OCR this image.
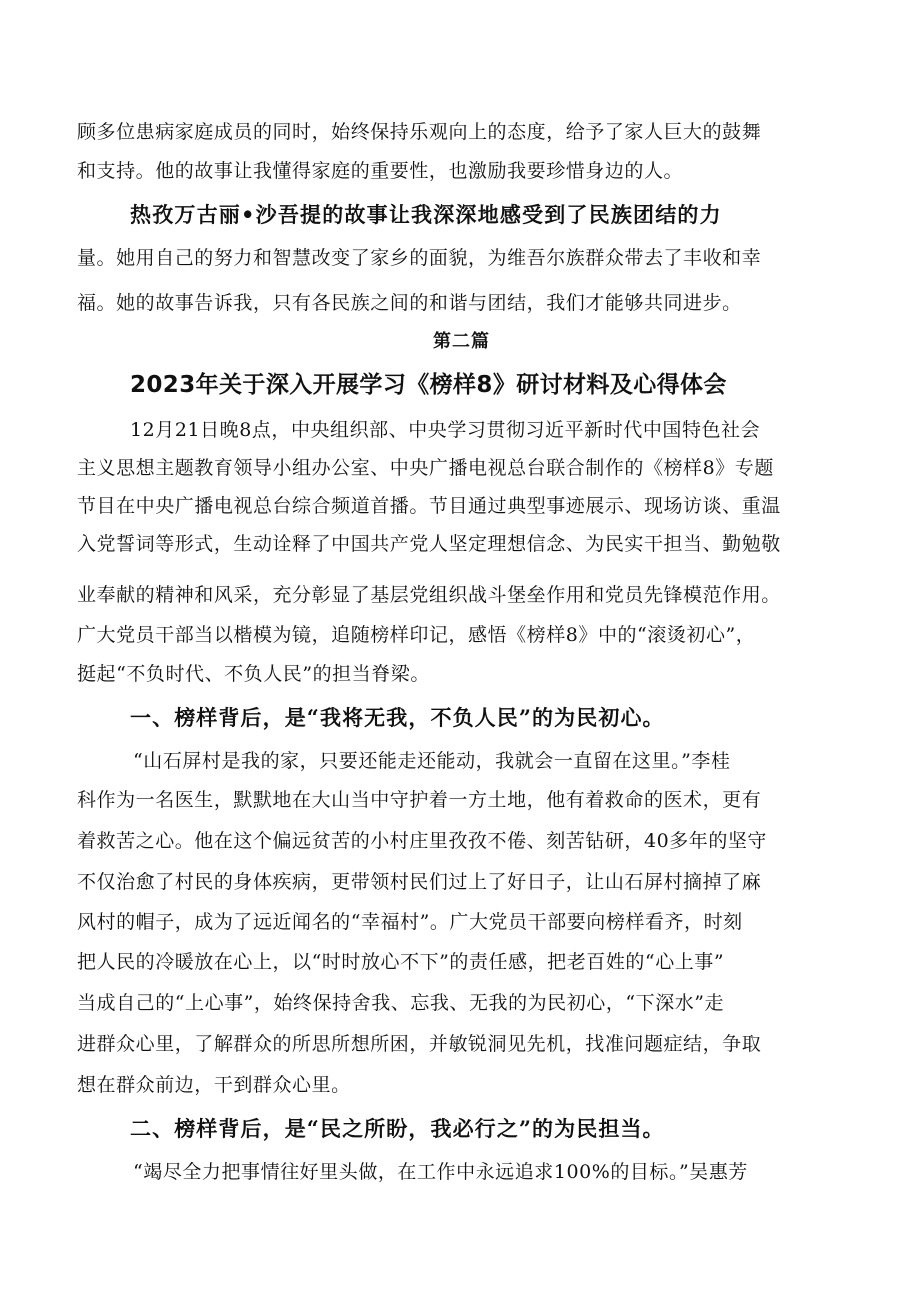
顾多位患病家庭成员的同时，始终保持乐观向上的态度，给予了家人巨大的鼓舞
和支持。他的故事让我懂得家庭的重要性，也激励我要珍惜身边的人。
热孜万古丽•沙吾提的故事让我深深地感受到了民族团结的力
量。她用自己的努力和智慧改变了家乡的面貌，为维吾尔族群众带去了丰收和幸
福。她的故事告诉我，只有各民族之间的和谐与团结，我们才能够共同进步。
第二篇
2023年关于深入开展学习《榜样8》研讨材料及心得体会
12月21日晚8点，中央组织部、中央学习贯彻习近平新时代中国特色社会
主义思想主题教育领导小组办公室、中央广播电视总台联合制作的《榜样8》专题
节目在中央广播电视总台综合频道首播。节目通过典型事迹展示、现场访谈、重温
入党誓词等形式，生动诠释了中国共产党人坚定理想信念、为民实干担当、勤勉敬
业奉献的精神和风采，充分彰显了基层党组织战斗堡垒作用和党员先锋模范作用。
广大党员干部当以楷模为镜，追随榜样印记，感悟《榜样8》中的“滚烫初心”，
挺起“不负时代、不负人民”的担当脊梁。
一、榜样背后，是“我将无我，不负人民”的为民初心。
“山石屏村是我的家，只要还能走还能动，我就会一直留在这里。”李桂
科作为一名医生，默默地在大山当中守护着一方土地，他有着救命的医术，更有
着救苦之心。他在这个偏远贫苦的小村庄里孜孜不倦、刻苦钻研，40多年的坚守
不仅治愈了村民的身体疾病，更带领村民们过上了好日子，让山石屏村摘掉了麻
风村的帽子，成为了远近闻名的“幸福村”。广大党员干部要向榜样看齐，时刻
把人民的冷暖放在心上，以“时时放心不下”的责任感，把老百姓的“心上事”
当成自己的“上心事”，始终保持舍我、忘我、无我的为民初心，“下深水”走
进群众心里，了解群众的所思所想所困，并敏锐洞见先机，找准问题症结，争取
想在群众前边，干到群众心里。
二、榜样背后，是“民之所盼，我必行之”的为民担当。
“竭尽全力把事情往好里头做，在工作中永远追求100%的目标。”吴惠芳
